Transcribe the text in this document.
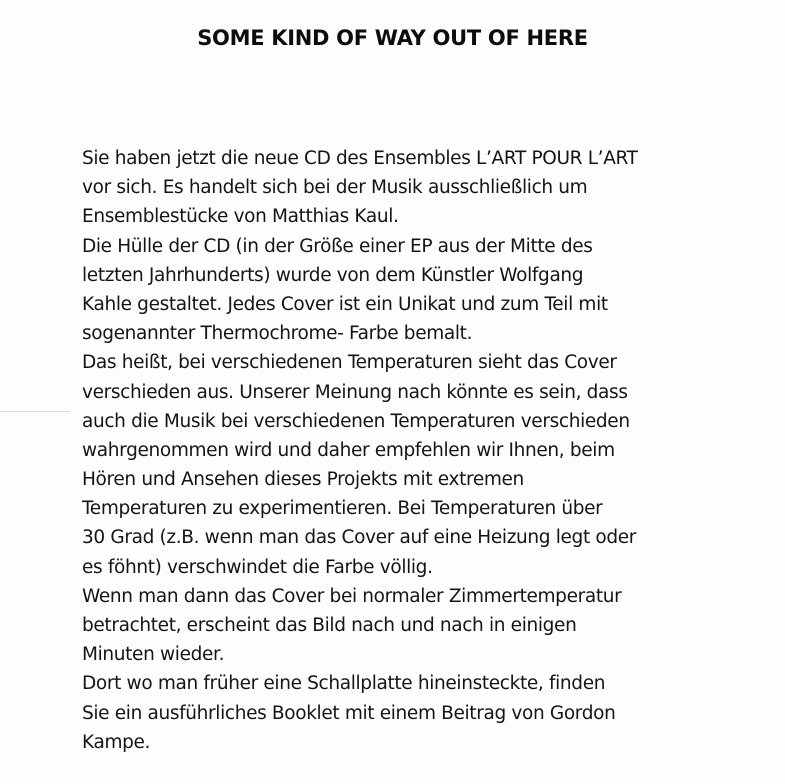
SOME KIND OF WAY OUT OF HERE
Sie haben jetzt die neue CD des Ensembles L’ART POUR L’ART
vor sich. Es handelt sich bei der Musik ausschließlich um
Ensemblestücke von Matthias Kaul.
Die Hülle der CD (in der Größe einer EP aus der Mitte des
letzten Jahrhunderts) wurde von dem Künstler Wolfgang
Kahle gestaltet. Jedes Cover ist ein Unikat und zum Teil mit
sogenannter Thermochrome- Farbe bemalt.
Das heißt, bei verschiedenen Temperaturen sieht das Cover
verschieden aus. Unserer Meinung nach könnte es sein, dass
auch die Musik bei verschiedenen Temperaturen verschieden
wahrgenommen wird und daher empfehlen wir Ihnen, beim
Hören und Ansehen dieses Projekts mit extremen
Temperaturen zu experimentieren. Bei Temperaturen über
30 Grad (z.B. wenn man das Cover auf eine Heizung legt oder
es föhnt) verschwindet die Farbe völlig.
Wenn man dann das Cover bei normaler Zimmertemperatur
betrachtet, erscheint das Bild nach und nach in einigen
Minuten wieder.
Dort wo man früher eine Schallplatte hineinsteckte, finden
Sie ein ausführliches Booklet mit einem Beitrag von Gordon
Kampe.
